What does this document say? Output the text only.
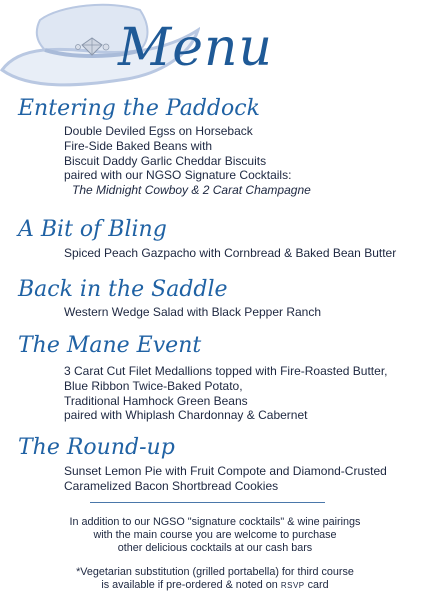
Menu
Entering the Paddock
Double Deviled Egss on Horseback
Fire-Side Baked Beans with
Biscuit Daddy Garlic Cheddar Biscuits
paired with our NGSO Signature Cocktails:
The Midnight Cowboy & 2 Carat Champagne
A Bit of Bling
Spiced Peach Gazpacho with Cornbread & Baked Bean Butter
Back in the Saddle
Western Wedge Salad with Black Pepper Ranch
The Mane Event
3 Carat Cut Filet Medallions topped with Fire-Roasted Butter,
Blue Ribbon Twice-Baked Potato,
Traditional Hamhock Green Beans
paired with Whiplash Chardonnay & Cabernet
The Round-up
Sunset Lemon Pie with Fruit Compote and Diamond-Crusted
Caramelized Bacon Shortbread Cookies
In addition to our NGSO "signature cocktails" & wine pairings
with the main course you are welcome to purchase
other delicious cocktails at our cash bars
*Vegetarian substitution (grilled portabella) for third course
is available if pre-ordered & noted on RSVP card
